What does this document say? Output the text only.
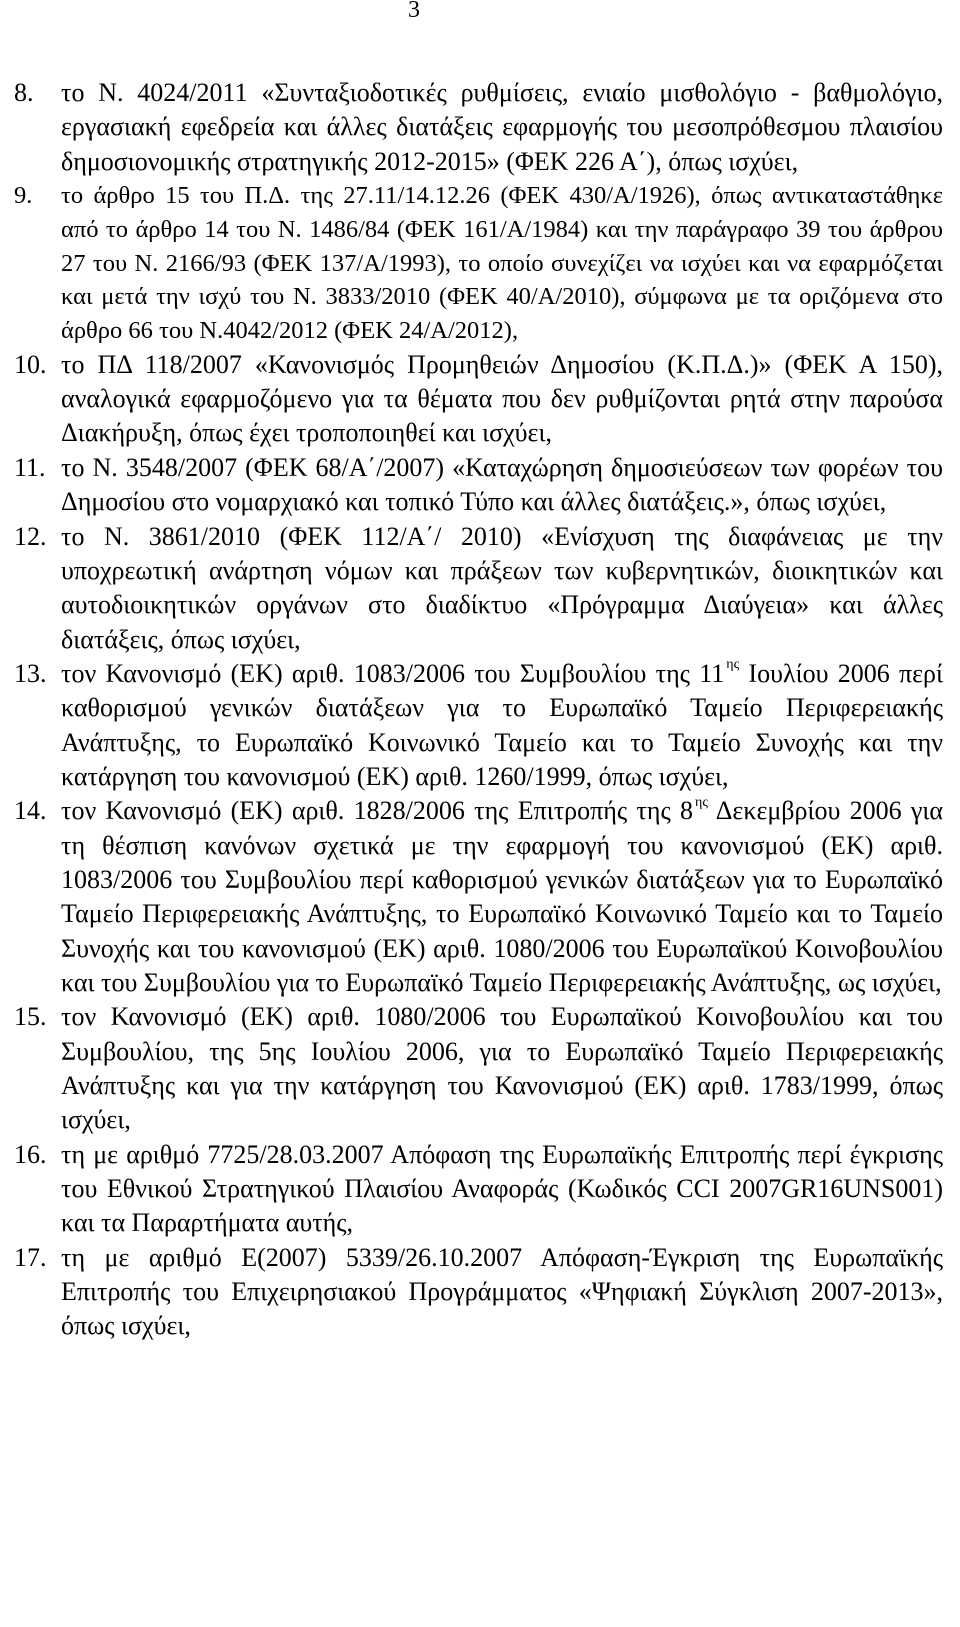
3
8.	το Ν. 4024/2011 «Συνταξιοδοτικές ρυθμίσεις, ενιαίο μισθολόγιο - βαθμολόγιο, εργασιακή εφεδρεία και άλλες διατάξεις εφαρμογής του μεσοπρόθεσμου πλαισίου δημοσιονομικής στρατηγικής 2012-2015» (ΦΕΚ 226 Α΄), όπως ισχύει,
9.	το άρθρο 15 του Π.Δ. της 27.11/14.12.26 (ΦΕΚ 430/Α/1926), όπως αντικαταστάθηκε από το άρθρο 14 του Ν. 1486/84 (ΦΕΚ 161/Α/1984) και την παράγραφο 39 του άρθρου 27 του Ν. 2166/93 (ΦΕΚ 137/Α/1993), το οποίο συνεχίζει να ισχύει και να εφαρμόζεται και μετά την ισχύ του Ν. 3833/2010 (ΦΕΚ 40/Α/2010), σύμφωνα με τα οριζόμενα στο άρθρο 66 του Ν.4042/2012 (ΦΕΚ 24/Α/2012),
10. το ΠΔ 118/2007 «Κανονισμός Προμηθειών Δημοσίου (Κ.Π.Δ.)» (ΦΕΚ Α 150), αναλογικά εφαρμοζόμενο για τα θέματα που δεν ρυθμίζονται ρητά στην παρούσα Διακήρυξη, όπως έχει τροποποιηθεί και ισχύει,
11. το Ν. 3548/2007 (ΦΕΚ 68/Α΄/2007) «Καταχώρηση δημοσιεύσεων των φορέων του Δημοσίου στο νομαρχιακό και τοπικό Τύπο και άλλες διατάξεις.», όπως ισχύει,
12. το Ν. 3861/2010 (ΦΕΚ 112/Α΄/ 2010) «Ενίσχυση της διαφάνειας με την υποχρεωτική ανάρτηση νόμων και πράξεων των κυβερνητικών, διοικητικών και αυτοδιοικητικών οργάνων στο διαδίκτυο «Πρόγραμμα Διαύγεια» και άλλες διατάξεις, όπως ισχύει,
13. τον Κανονισμό (ΕΚ) αριθ. 1083/2006 του Συμβουλίου της 11 $^{\eta\varsigma}$ Ιουλίου 2006 περί καθορισμού γενικών διατάξεων για το Ευρωπαϊκό Ταμείο Περιφερειακής Ανάπτυξης, το Ευρωπαϊκό Κοινωνικό Ταμείο και το Ταμείο Συνοχής και την κατάργηση του κανονισμού (ΕΚ) αριθ. 1260/1999, όπως ισχύει,
14. τον Κανονισμό (ΕΚ) αριθ. 1828/2006 της Επιτροπής της 8 $^{\eta\varsigma}$ Δεκεμβρίου 2006 για τη θέσπιση κανόνων σχετικά με την εφαρμογή του κανονισμού (ΕΚ) αριθ. 1083/2006 του Συμβουλίου περί καθορισμού γενικών διατάξεων για το Ευρωπαϊκό Ταμείο Περιφερειακής Ανάπτυξης, το Ευρωπαϊκό Κοινωνικό Ταμείο και το Ταμείο Συνοχής και του κανονισμού (ΕΚ) αριθ. 1080/2006 του Ευρωπαϊκού Κοινοβουλίου και του Συμβουλίου για το Ευρωπαϊκό Ταμείο Περιφερειακής Ανάπτυξης, ως ισχύει,
15. τον Κανονισμό (ΕΚ) αριθ. 1080/2006 του Ευρωπαϊκού Κοινοβουλίου και του Συμβουλίου, της 5ης Ιουλίου 2006, για το Ευρωπαϊκό Ταμείο Περιφερειακής Ανάπτυξης και για την κατάργηση του Κανονισμού (ΕΚ) αριθ. 1783/1999, όπως ισχύει,
16. τη με αριθμό 7725/28.03.2007 Απόφαση της Ευρωπαϊκής Επιτροπής περί έγκρισης του Εθνικού Στρατηγικού Πλαισίου Αναφοράς (Κωδικός CCI 2007GR16UNS001) και τα Παραρτήματα αυτής,
17. τη με αριθμό Ε(2007) 5339/26.10.2007 Απόφαση-Έγκριση της Ευρωπαϊκής Επιτροπής του Επιχειρησιακού Προγράμματος «Ψηφιακή Σύγκλιση 2007-2013», όπως ισχύει,
